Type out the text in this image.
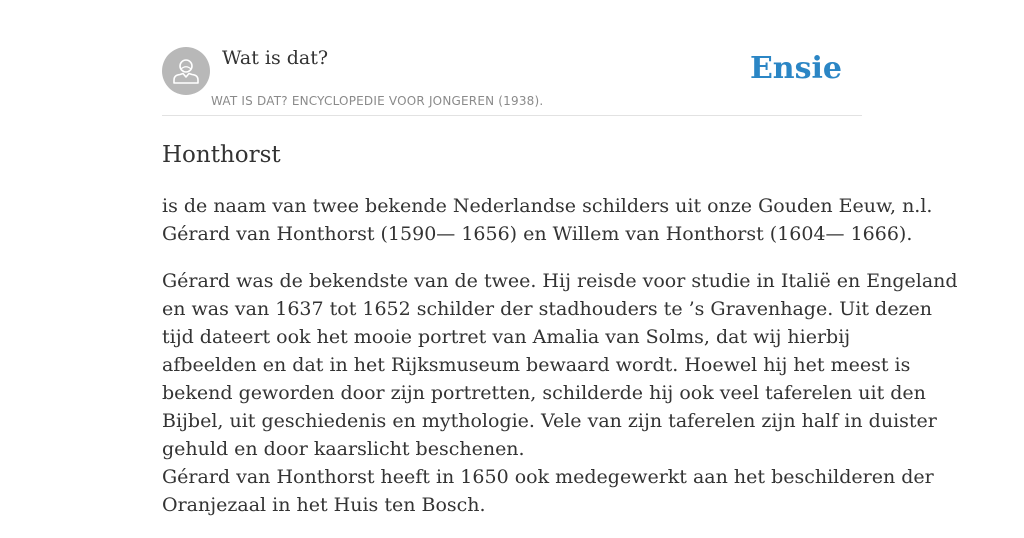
Wat is dat?
WAT IS DAT? ENCYCLOPEDIE VOOR JONGEREN (1938).
Ensie
Honthorst

is de naam van twee bekende Nederlandse schilders uit onze Gouden Eeuw, n.l.
Gérard van Honthorst (1590— 1656) en Willem van Honthorst (1604— 1666).

Gérard was de bekendste van de twee. Hij reisde voor studie in Italië en Engeland
en was van 1637 tot 1652 schilder der stadhouders te ’s Gravenhage. Uit dezen
tijd dateert ook het mooie portret van Amalia van Solms, dat wij hierbij
afbeelden en dat in het Rijksmuseum bewaard wordt. Hoewel hij het meest is
bekend geworden door zijn portretten, schilderde hij ook veel taferelen uit den
Bijbel, uit geschiedenis en mythologie. Vele van zijn taferelen zijn half in duister
gehuld en door kaarslicht beschenen.
Gérard van Honthorst heeft in 1650 ook medegewerkt aan het beschilderen der
Oranjezaal in het Huis ten Bosch.
